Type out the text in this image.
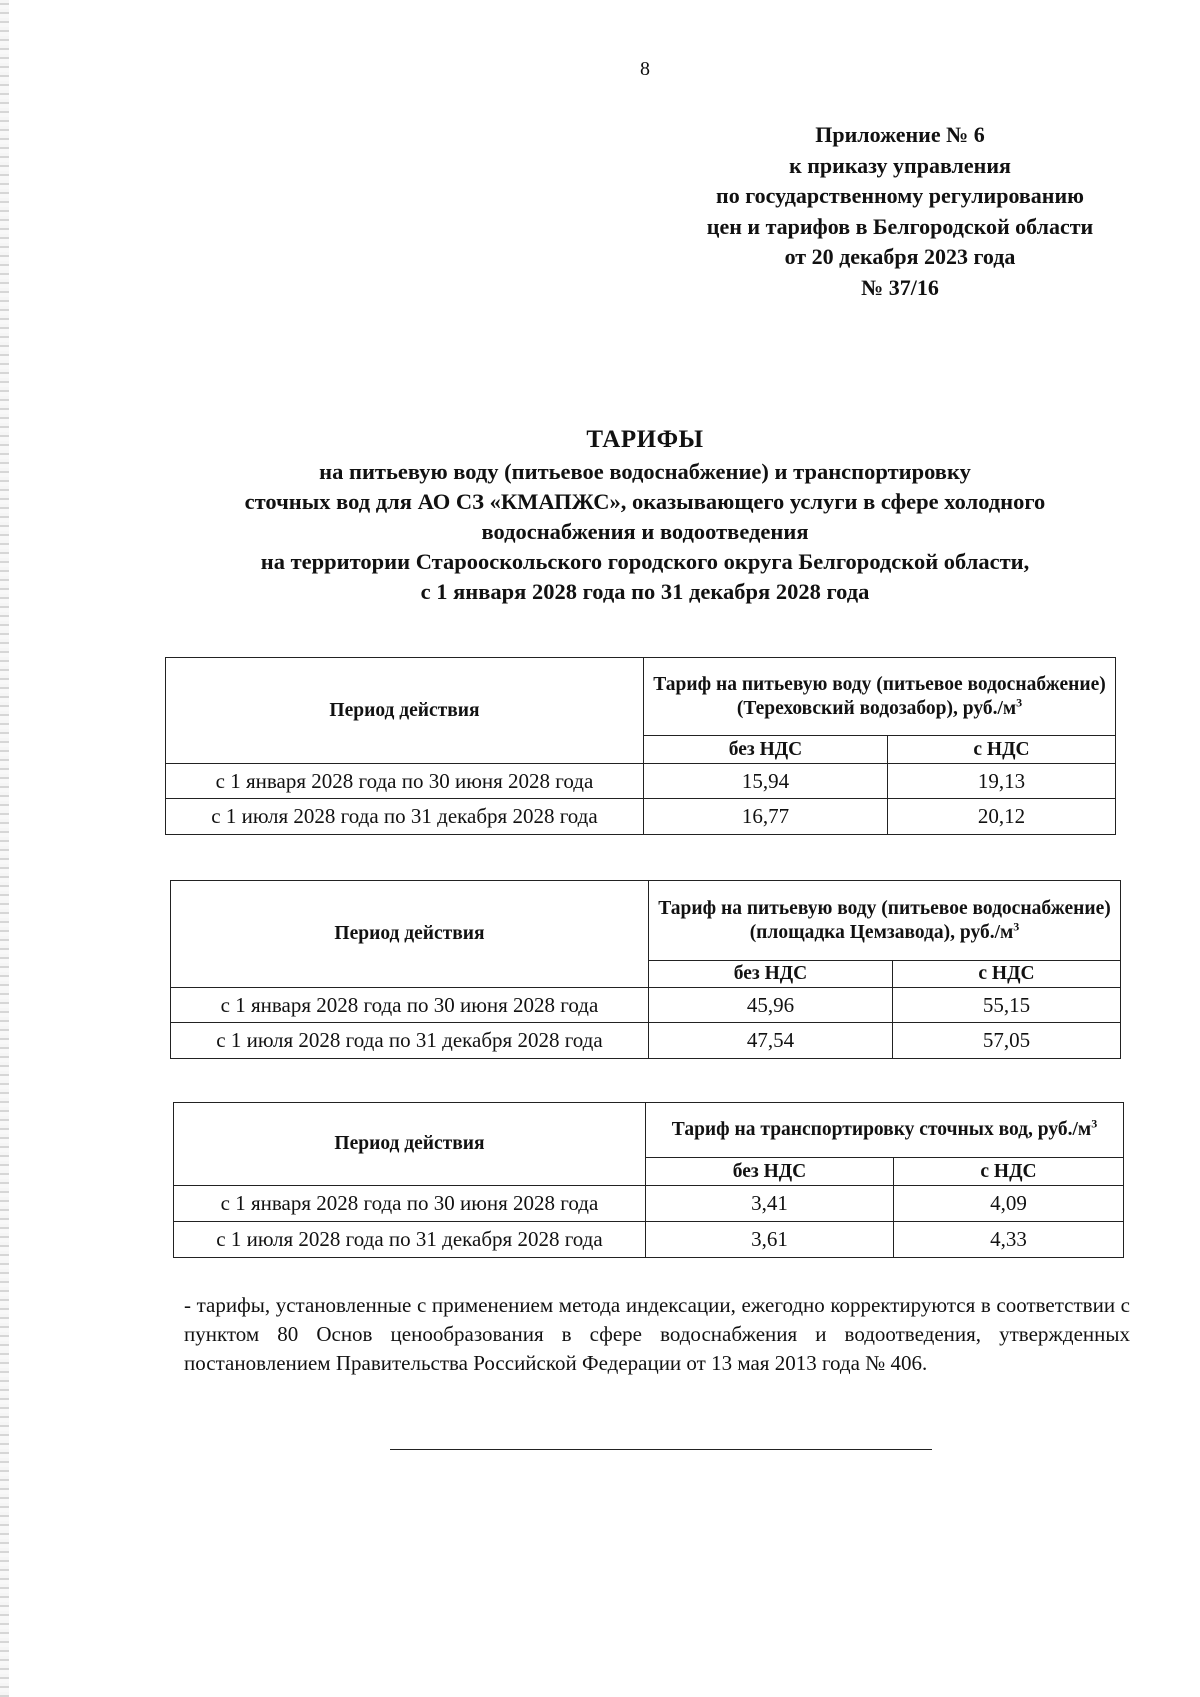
8
Приложение № 6
к приказу управления
по государственному регулированию
цен и тарифов в Белгородской области
от 20 декабря 2023 года
№ 37/16
ТАРИФЫ
на питьевую воду (питьевое водоснабжение) и транспортировку
сточных вод для АО СЗ «КМАПЖС», оказывающего услуги в сфере холодного
водоснабжения и водоотведения
на территории Старооскольского городского округа Белгородской области,
с 1 января 2028 года по 31 декабря 2028 года
Период действия	Тариф на питьевую воду (питьевое водоснабжение) (Тереховский водозабор), $руб./м^3$
	без НДС	с НДС
с 1 января 2028 года по 30 июня 2028 года	15,94	19,13
с 1 июля 2028 года по 31 декабря 2028 года	16,77	20,12
Период действия	Тариф на питьевую воду (питьевое водоснабжение) (площадка Цемзавода), $руб./м^3$
	без НДС	с НДС
с 1 января 2028 года по 30 июня 2028 года	45,96	55,15
с 1 июля 2028 года по 31 декабря 2028 года	47,54	57,05
Период действия	Тариф на транспортировку сточных вод, $руб./м^3$
	без НДС	с НДС
с 1 января 2028 года по 30 июня 2028 года	3,41	4,09
с 1 июля 2028 года по 31 декабря 2028 года	3,61	4,33
- тарифы, установленные с применением метода индексации, ежегодно корректируются в соответствии с пунктом 80 Основ ценообразования в сфере водоснабжения и водоотведения, утвержденных постановлением Правительства Российской Федерации от 13 мая 2013 года № 406.
